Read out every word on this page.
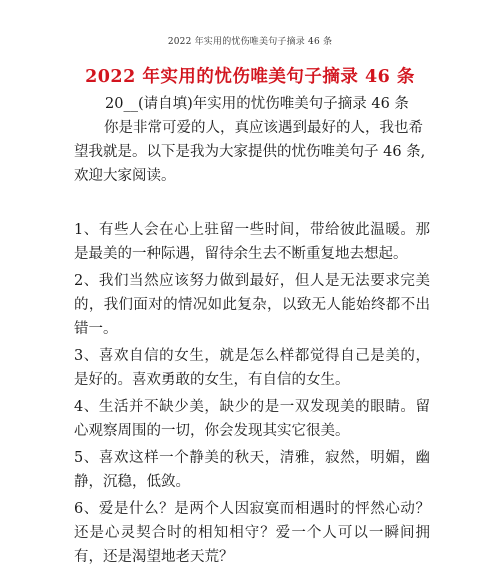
2022 年实用的忧伤唯美句子摘录 46 条
2022 年实用的忧伤唯美句子摘录 46 条
20__(请自填)年实用的忧伤唯美句子摘录 46 条

你是非常可爱的人，真应该遇到最好的人，我也希望我就是。以下是我为大家提供的忧伤唯美句子 46 条,欢迎大家阅读。

1、有些人会在心上驻留一些时间，带给彼此温暖。那是最美的一种际遇，留待余生去不断重复地去想起。
2、我们当然应该努力做到最好，但人是无法要求完美的，我们面对的情况如此复杂，以致无人能始终都不出错一。
3、喜欢自信的女生，就是怎么样都觉得自己是美的，是好的。喜欢勇敢的女生，有自信的女生。
4、生活并不缺少美，缺少的是一双发现美的眼睛。留心观察周围的一切，你会发现其实它很美。
5、喜欢这样一个静美的秋天，清雅，寂然，明媚，幽静，沉稳，低敛。
6、爱是什么？是两个人因寂寞而相遇时的怦然心动？还是心灵契合时的相知相守？爱一个人可以一瞬间拥有，还是渴望地老天荒？
